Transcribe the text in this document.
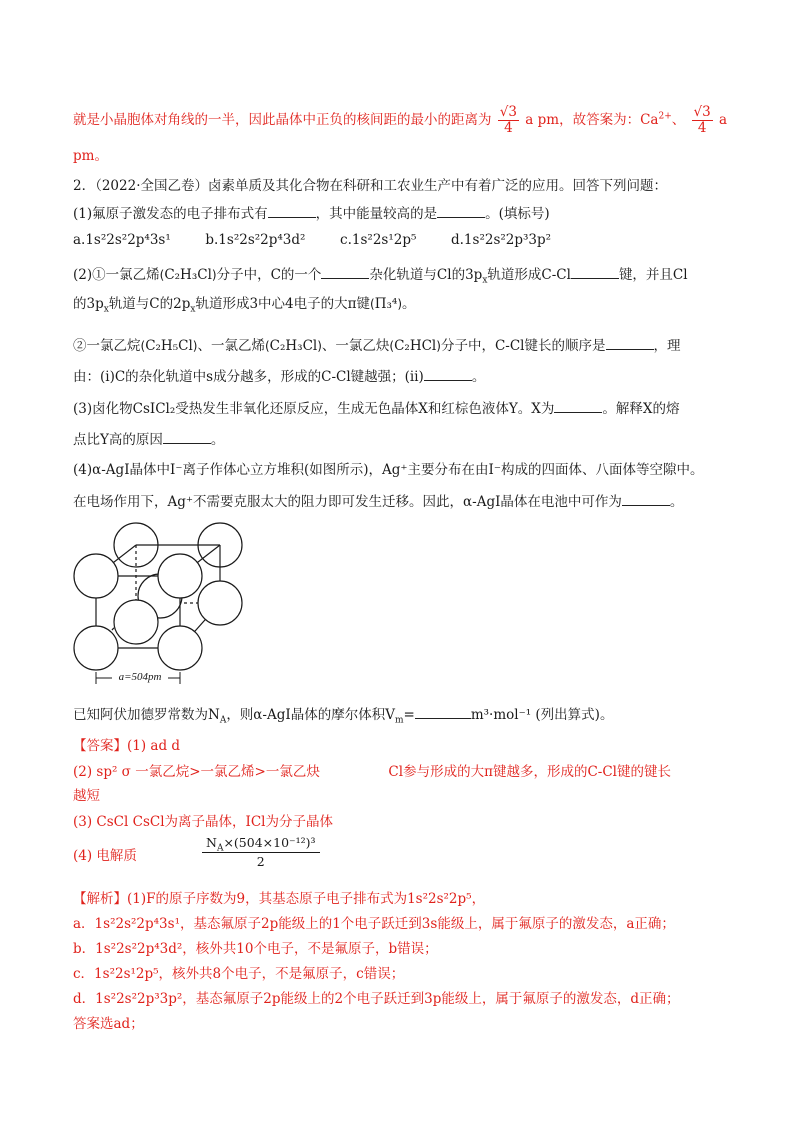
就是小晶胞体对角线的一半，因此晶体中正负的核间距的最小的距离为 $\frac{√3}{4}$ a pm，故答案为：$Ca^{2+}$、 $\frac{√3}{4}$ a
pm。
2．（2022·全国乙卷）卤素单质及其化合物在科研和工农业生产中有着广泛的应用。回答下列问题：
(1)氟原子激发态的电子排布式有	，其中能量较高的是	。(填标号)
a.1s²2s²2p⁴3s¹	b.1s²2s²2p⁴3d²	c.1s²2s¹2p⁵	d.1s²2s²2p³3p²
(2)①一氯乙烯(C₂H₃Cl)分子中，C的一个	杂化轨道与Cl的$3p_x$轨道形成C-Cl	键，并且Cl
的$3p_x$轨道与C的$2p_x$轨道形成3中心4电子的大π键(Π₃⁴)。
②一氯乙烷(C₂H₅Cl)、一氯乙烯(C₂H₃Cl)、一氯乙炔(C₂HCl)分子中，C-Cl键长的顺序是	，理
由：(ⅰ)C的杂化轨道中s成分越多，形成的C-Cl键越强；(ⅱ)	。
(3)卤化物CsICl₂受热发生非氧化还原反应，生成无色晶体X和红棕色液体Y。X为	。解释X的熔
点比Y高的原因	。
(4)α-AgI晶体中I⁻离子作体心立方堆积(如图所示)，Ag⁺主要分布在由I⁻构成的四面体、八面体等空隙中。
在电场作用下，Ag⁺不需要克服太大的阻力即可发生迁移。因此，α-AgI晶体在电池中可作为	。
a=504pm
已知阿伏加德罗常数为$N_A$，则α-AgI晶体的摩尔体积$V_m=$	m³·mol⁻¹ (列出算式)。
【答案】(1) ad d
(2) sp² σ 一氯乙烷>一氯乙烯>一氯乙炔	Cl参与形成的大π键越多，形成的C-Cl键的键长
越短
(3) CsCl CsCl为离子晶体，ICl为分子晶体
(4) 电解质
$N_A\times(504\times 10^{-12})^3$
2
【解析】(1)F的原子序数为9，其基态原子电子排布式为1s²2s²2p⁵，
a．1s²2s²2p⁴3s¹，基态氟原子2p能级上的1个电子跃迁到3s能级上，属于氟原子的激发态，a正确；
b．1s²2s²2p⁴3d²，核外共10个电子，不是氟原子，b错误；
c．1s²2s¹2p⁵，核外共8个电子，不是氟原子，c错误；
d．1s²2s²2p³3p²，基态氟原子2p能级上的2个电子跃迁到3p能级上，属于氟原子的激发态，d正确；
答案选ad；
